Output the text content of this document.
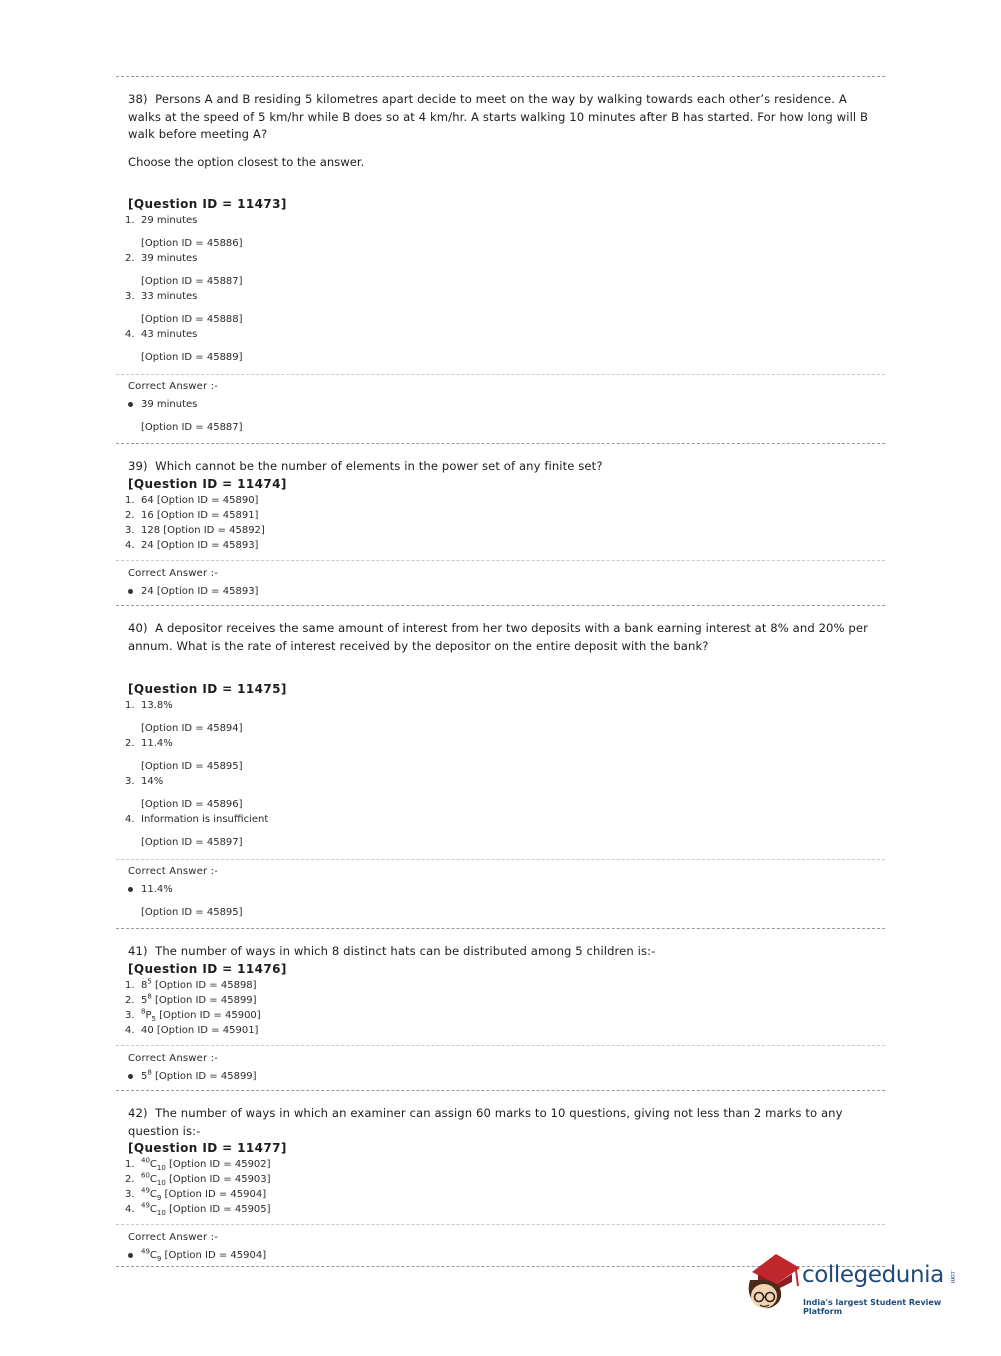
38) Persons A and B residing 5 kilometres apart decide to meet on the way by walking towards each other’s residence. A walks at the speed of 5 km/hr while B does so at 4 km/hr. A starts walking 10 minutes after B has started. For how long will B walk before meeting A?
Choose the option closest to the answer.
[Question ID = 11473]
1. 29 minutes
[Option ID = 45886]
2. 39 minutes
[Option ID = 45887]
3. 33 minutes
[Option ID = 45888]
4. 43 minutes
[Option ID = 45889]
Correct Answer :-
39 minutes
[Option ID = 45887]
39) Which cannot be the number of elements in the power set of any finite set?
[Question ID = 11474]
1. 64 [Option ID = 45890]
2. 16 [Option ID = 45891]
3. 128 [Option ID = 45892]
4. 24 [Option ID = 45893]
Correct Answer :-
24 [Option ID = 45893]
40) A depositor receives the same amount of interest from her two deposits with a bank earning interest at 8% and 20% per annum. What is the rate of interest received by the depositor on the entire deposit with the bank?
[Question ID = 11475]
1. 13.8%
[Option ID = 45894]
2. 11.4%
[Option ID = 45895]
3. 14%
[Option ID = 45896]
4. Information is insufficient
[Option ID = 45897]
Correct Answer :-
11.4%
[Option ID = 45895]
41) The number of ways in which 8 distinct hats can be distributed among 5 children is:-
[Question ID = 11476]
1. $8^5$ [Option ID = 45898]
2. $5^8$ [Option ID = 45899]
3. $^8P_5$ [Option ID = 45900]
4. 40 [Option ID = 45901]
Correct Answer :-
$5^8$ [Option ID = 45899]
42) The number of ways in which an examiner can assign 60 marks to 10 questions, giving not less than 2 marks to any question is:-
[Question ID = 11477]
1. $^{40}C_{10}$ [Option ID = 45902]
2. $^{60}C_{10}$ [Option ID = 45903]
3. $^{49}C_9$ [Option ID = 45904]
4. $^{49}C_{10}$ [Option ID = 45905]
Correct Answer :-
$^{49}C_9$ [Option ID = 45904]
collegedunia .com
India's largest Student Review Platform
